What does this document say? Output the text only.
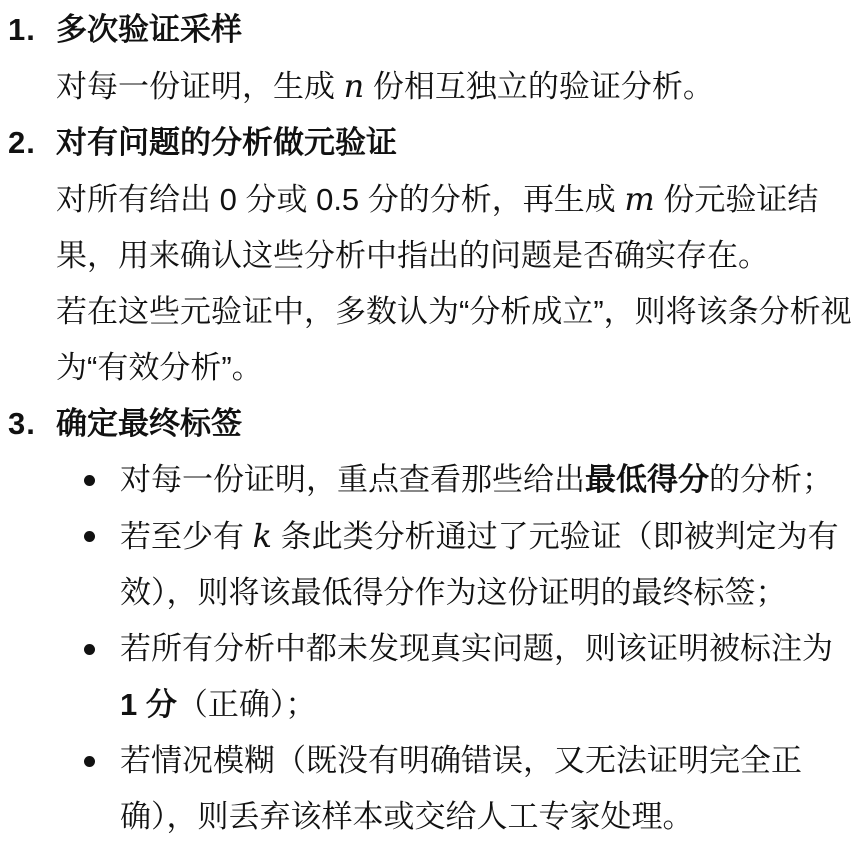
1. 多次验证采样
对每一份证明，生成 n 份相互独立的验证分析。
2. 对有问题的分析做元验证
对所有给出 0 分或 0.5 分的分析，再生成 m 份元验证结果，用来确认这些分析中指出的问题是否确实存在。
若在这些元验证中，多数认为“分析成立”，则将该条分析视为“有效分析”。
3. 确定最终标签
对每一份证明，重点查看那些给出最低得分的分析；
若至少有 k 条此类分析通过了元验证（即被判定为有效），则将该最低得分作为这份证明的最终标签；
若所有分析中都未发现真实问题，则该证明被标注为 1 分（正确）；
若情况模糊（既没有明确错误，又无法证明完全正确），则丢弃该样本或交给人工专家处理。
